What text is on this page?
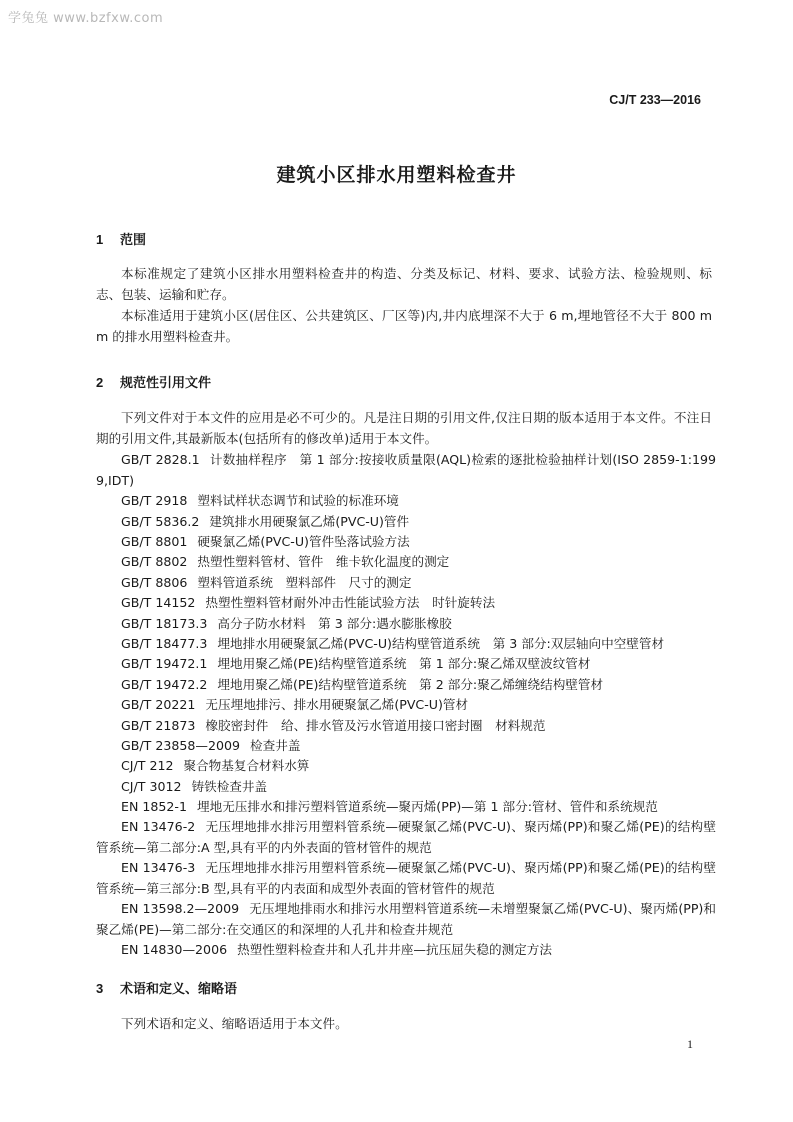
学兔兔 www.bzfxw.com
CJ/T 233—2016
建筑小区排水用塑料检查井
1 范围
本标准规定了建筑小区排水用塑料检查井的构造、分类及标记、材料、要求、试验方法、检验规则、标志、包装、运输和贮存。
本标准适用于建筑小区(居住区、公共建筑区、厂区等)内,井内底埋深不大于 6 m,埋地管径不大于 800 mm 的排水用塑料检查井。
2 规范性引用文件
下列文件对于本文件的应用是必不可少的。凡是注日期的引用文件,仅注日期的版本适用于本文件。不注日期的引用文件,其最新版本(包括所有的修改单)适用于本文件。
GB/T 2828.1 计数抽样程序　第 1 部分:按接收质量限(AQL)检索的逐批检验抽样计划(ISO 2859-1:1999,IDT)
GB/T 2918 塑料试样状态调节和试验的标准环境
GB/T 5836.2 建筑排水用硬聚氯乙烯(PVC-U)管件
GB/T 8801 硬聚氯乙烯(PVC-U)管件坠落试验方法
GB/T 8802 热塑性塑料管材、管件　维卡软化温度的测定
GB/T 8806 塑料管道系统　塑料部件　尺寸的测定
GB/T 14152 热塑性塑料管材耐外冲击性能试验方法　时针旋转法
GB/T 18173.3 高分子防水材料　第 3 部分:遇水膨胀橡胶
GB/T 18477.3 埋地排水用硬聚氯乙烯(PVC-U)结构壁管道系统　第 3 部分:双层轴向中空壁管材
GB/T 19472.1 埋地用聚乙烯(PE)结构壁管道系统　第 1 部分:聚乙烯双壁波纹管材
GB/T 19472.2 埋地用聚乙烯(PE)结构壁管道系统　第 2 部分:聚乙烯缠绕结构壁管材
GB/T 20221 无压埋地排污、排水用硬聚氯乙烯(PVC-U)管材
GB/T 21873 橡胶密封件　给、排水管及污水管道用接口密封圈　材料规范
GB/T 23858—2009 检查井盖
CJ/T 212 聚合物基复合材料水箅
CJ/T 3012 铸铁检查井盖
EN 1852-1 埋地无压排水和排污塑料管道系统—聚丙烯(PP)—第 1 部分:管材、管件和系统规范
EN 13476-2 无压埋地排水排污用塑料管系统—硬聚氯乙烯(PVC-U)、聚丙烯(PP)和聚乙烯(PE)的结构壁管系统—第二部分:A 型,具有平的内外表面的管材管件的规范
EN 13476-3 无压埋地排水排污用塑料管系统—硬聚氯乙烯(PVC-U)、聚丙烯(PP)和聚乙烯(PE)的结构壁管系统—第三部分:B 型,具有平的内表面和成型外表面的管材管件的规范
EN 13598.2—2009 无压埋地排雨水和排污水用塑料管道系统—未增塑聚氯乙烯(PVC-U)、聚丙烯(PP)和聚乙烯(PE)—第二部分:在交通区的和深埋的人孔井和检查井规范
EN 14830—2006 热塑性塑料检查井和人孔井井座—抗压屈失稳的测定方法
3 术语和定义、缩略语
下列术语和定义、缩略语适用于本文件。
1
